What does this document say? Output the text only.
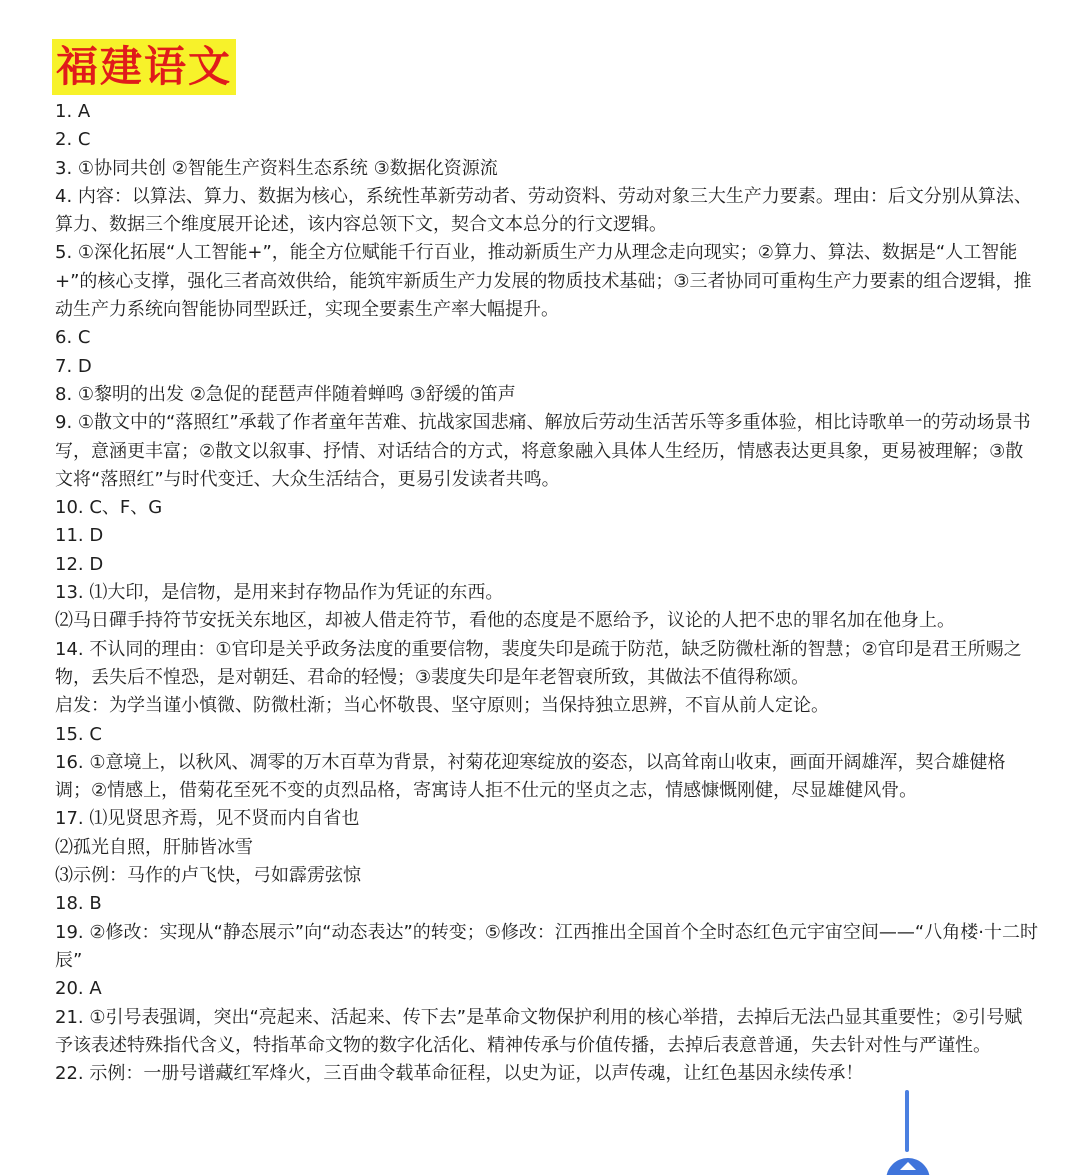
福建语文
1. A
2. C
3. ①协同共创 ②智能生产资料生态系统 ③数据化资源流
4. 内容：以算法、算力、数据为核心，系统性革新劳动者、劳动资料、劳动对象三大生产力要素。理由：后文分别从算法、算力、数据三个维度展开论述，该内容总领下文，契合文本总分的行文逻辑。
5. ①深化拓展“人工智能+”，能全方位赋能千行百业，推动新质生产力从理念走向现实；②算力、算法、数据是“人工智能+”的核心支撑，强化三者高效供给，能筑牢新质生产力发展的物质技术基础；③三者协同可重构生产力要素的组合逻辑，推动生产力系统向智能协同型跃迁，实现全要素生产率大幅提升。
6. C
7. D
8. ①黎明的出发 ②急促的琵琶声伴随着蝉鸣 ③舒缓的笛声
9. ①散文中的“落照红”承载了作者童年苦难、抗战家国悲痛、解放后劳动生活苦乐等多重体验，相比诗歌单一的劳动场景书写，意涵更丰富；②散文以叙事、抒情、对话结合的方式，将意象融入具体人生经历，情感表达更具象，更易被理解；③散文将“落照红”与时代变迁、大众生活结合，更易引发读者共鸣。
10. C、F、G
11. D
12. D
13. ⑴大印，是信物，是用来封存物品作为凭证的东西。
⑵马日磾手持符节安抚关东地区，却被人借走符节，看他的态度是不愿给予，议论的人把不忠的罪名加在他身上。
14. 不认同的理由：①官印是关乎政务法度的重要信物，裴度失印是疏于防范，缺乏防微杜渐的智慧；②官印是君王所赐之物，丢失后不惶恐，是对朝廷、君命的轻慢；③裴度失印是年老智衰所致，其做法不值得称颂。
启发：为学当谨小慎微、防微杜渐；当心怀敬畏、坚守原则；当保持独立思辨，不盲从前人定论。
15. C
16. ①意境上，以秋风、凋零的万木百草为背景，衬菊花迎寒绽放的姿态，以高耸南山收束，画面开阔雄浑，契合雄健格调；②情感上，借菊花至死不变的贞烈品格，寄寓诗人拒不仕元的坚贞之志，情感慷慨刚健，尽显雄健风骨。
17. ⑴见贤思齐焉，见不贤而内自省也
⑵孤光自照，肝肺皆冰雪
⑶示例：马作的卢飞快，弓如霹雳弦惊
18. B
19. ②修改：实现从“静态展示”向“动态表达”的转变；⑤修改：江西推出全国首个全时态红色元宇宙空间——“八角楼·十二时辰”
20. A
21. ①引号表强调，突出“亮起来、活起来、传下去”是革命文物保护利用的核心举措，去掉后无法凸显其重要性；②引号赋予该表述特殊指代含义，特指革命文物的数字化活化、精神传承与价值传播，去掉后表意普通，失去针对性与严谨性。
22. 示例：一册号谱藏红军烽火，三百曲令载革命征程，以史为证，以声传魂，让红色基因永续传承！
